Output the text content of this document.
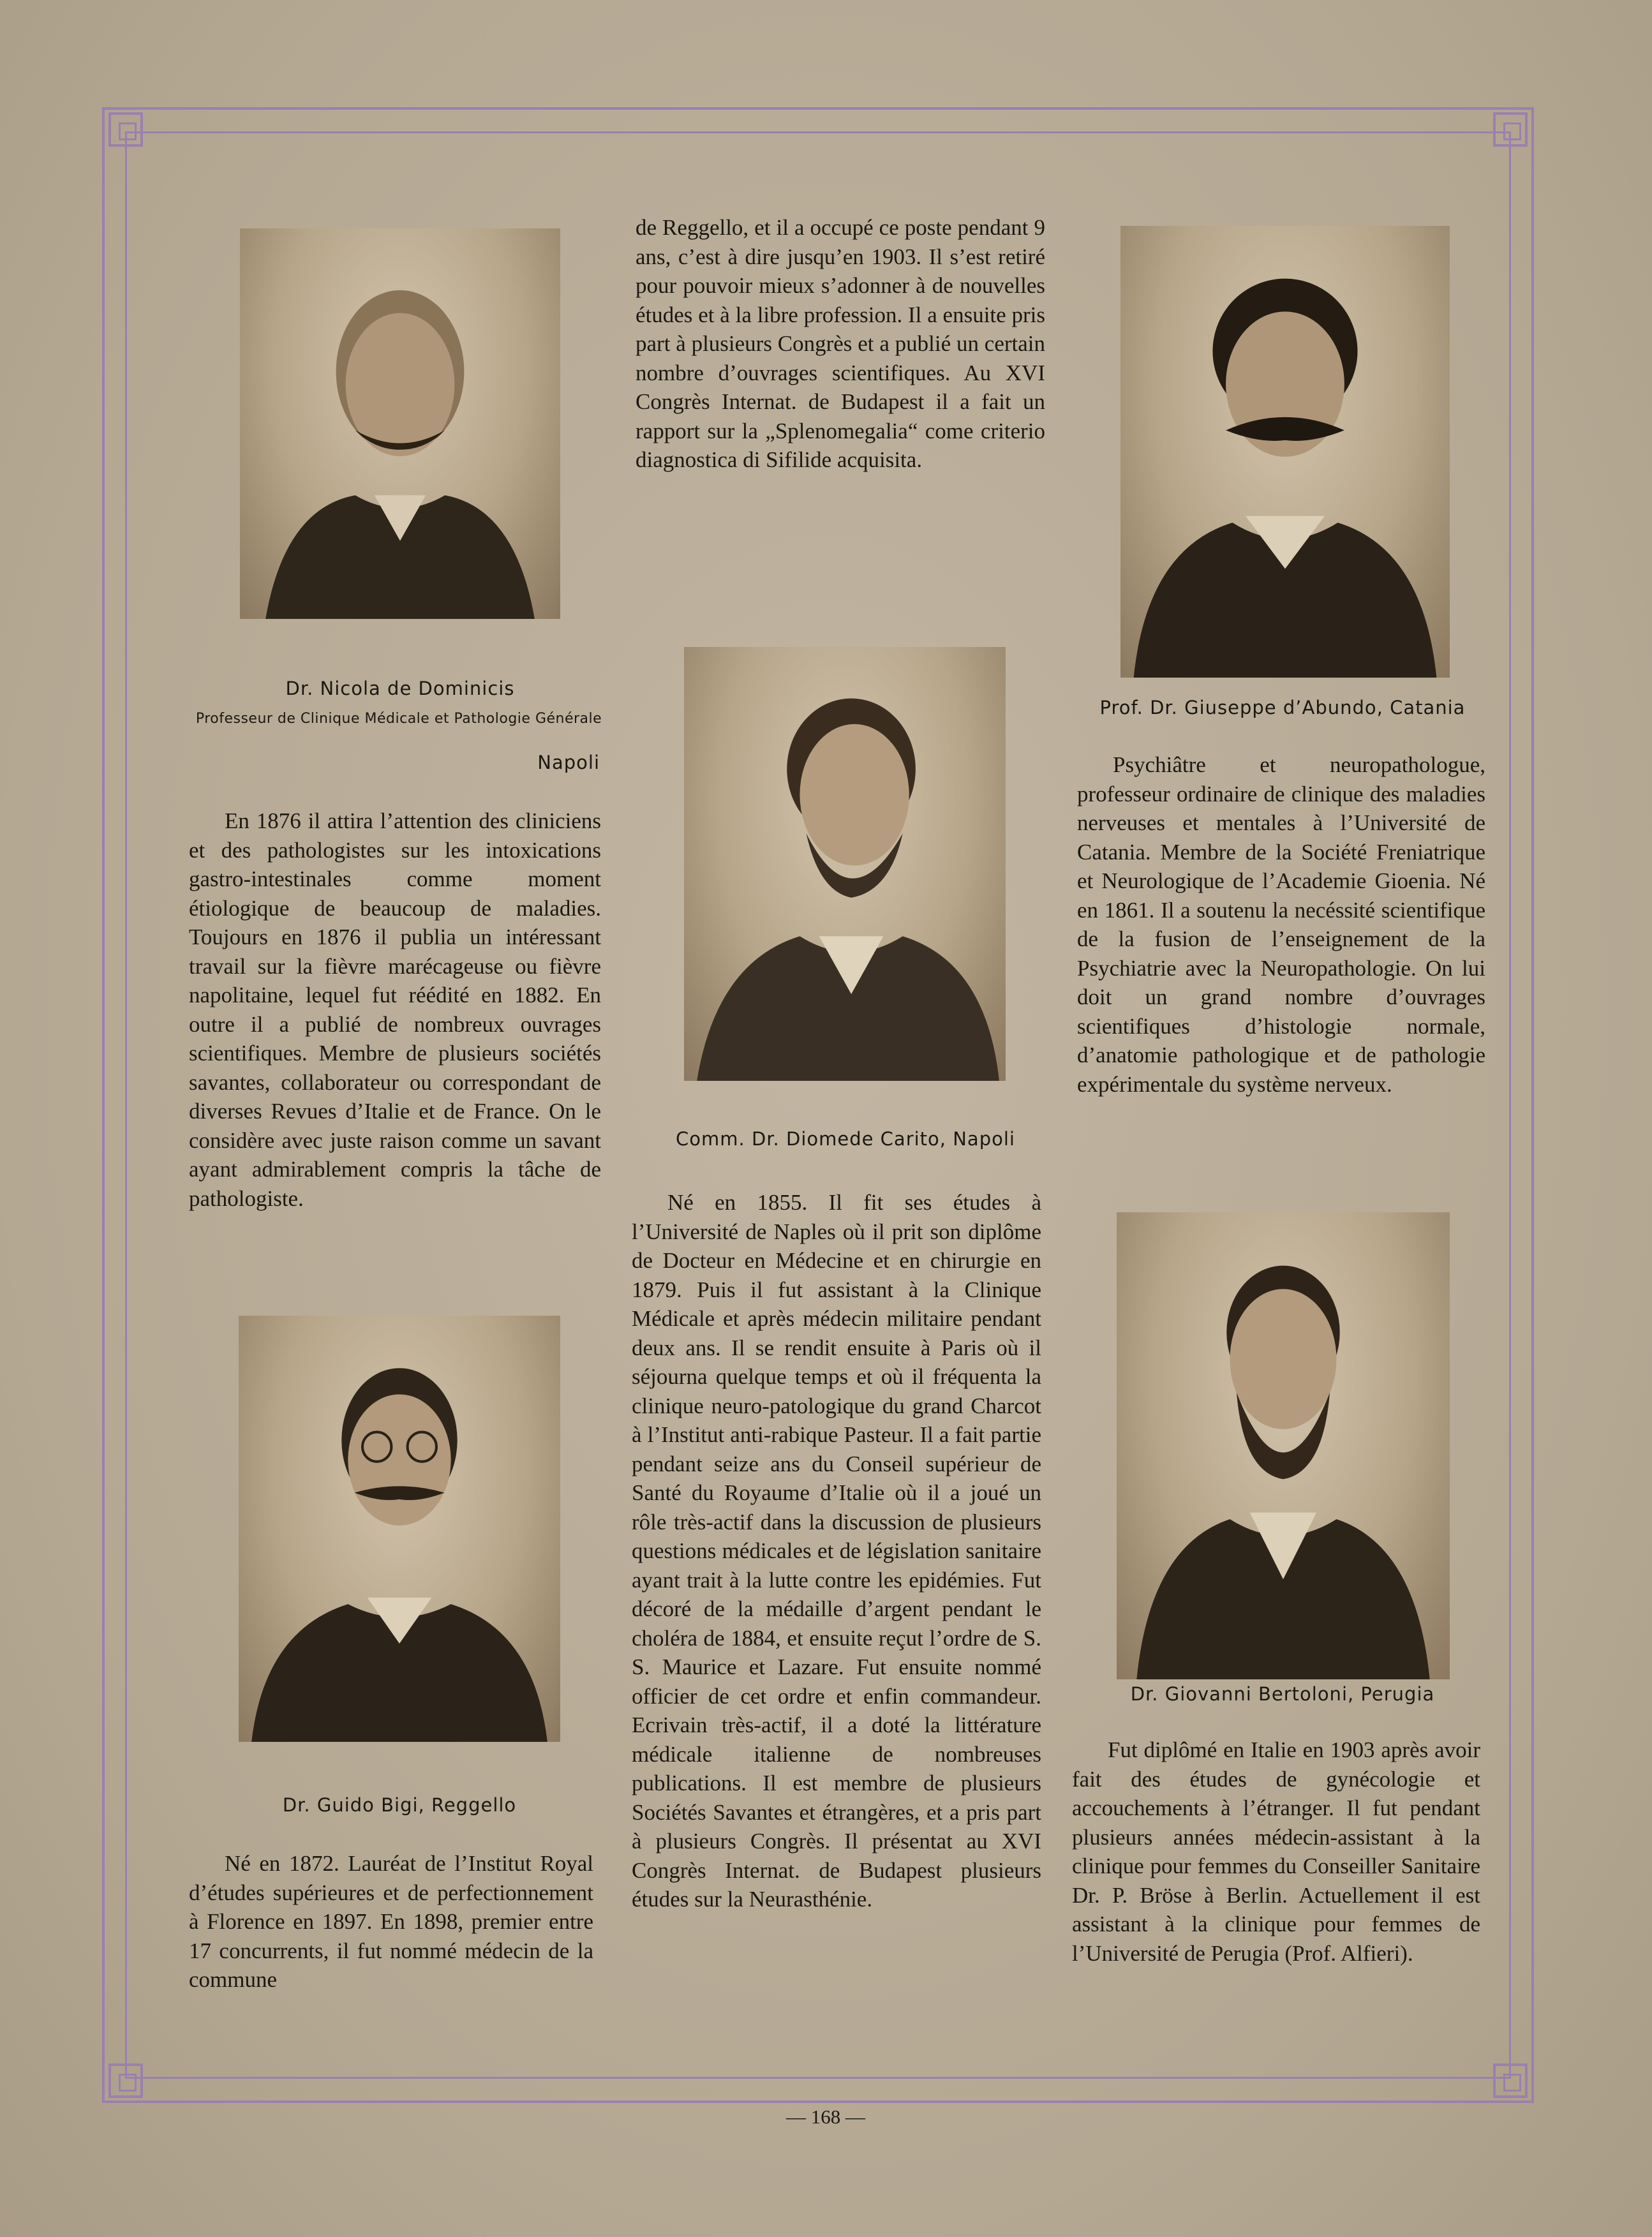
Dr. Nicola de Dominicis
Professeur de Clinique Médicale et Pathologie Générale
Napoli

En 1876 il attira l’attention des cliniciens et des pathologistes sur les intoxications gastro-intestinales comme moment étiologique de beaucoup de maladies. Toujours en 1876 il publia un intéressant travail sur la fièvre marécageuse ou fièvre napolitaine, lequel fut réédité en 1882. En outre il a publié de nombreux ouvrages scientifiques. Membre de plusieurs sociétés savantes, collaborateur ou correspondant de diverses Revues d’Italie et de France. On le considère avec juste raison comme un savant ayant admirablement compris la tâche de pathologiste.

Dr. Guido Bigi, Reggello

Né en 1872. Lauréat de l’Institut Royal d’études supérieures et de perfectionnement à Florence en 1897. En 1898, premier entre 17 concurrents, il fut nommé médecin de la commune

de Reggello, et il a occupé ce poste pendant 9 ans, c’est à dire jusqu’en 1903. Il s’est retiré pour pouvoir mieux s’adonner à de nouvelles études et à la libre profession. Il a ensuite pris part à plusieurs Congrès et a publié un certain nombre d’ouvrages scientifiques. Au XVI Congrès Internat. de Budapest il a fait un rapport sur la „Splenomegalia“ come criterio diagnostica di Sifilide acquisita.

Comm. Dr. Diomede Carito, Napoli

Né en 1855. Il fit ses études à l’Université de Naples où il prit son diplôme de Docteur en Médecine et en chirurgie en 1879. Puis il fut assistant à la Clinique Médicale et après médecin militaire pendant deux ans. Il se rendit ensuite à Paris où il séjourna quelque temps et où il fréquenta la clinique neuro-patologique du grand Charcot à l’Institut anti-rabique Pasteur. Il a fait partie pendant seize ans du Conseil supérieur de Santé du Royaume d’Italie où il a joué un rôle très-actif dans la discussion de plusieurs questions médicales et de législation sanitaire ayant trait à la lutte contre les epidémies. Fut décoré de la médaille d’argent pendant le choléra de 1884, et ensuite reçut l’ordre de S. S. Maurice et Lazare. Fut ensuite nommé officier de cet ordre et enfin commandeur. Ecrivain très-actif, il a doté la littérature médicale italienne de nombreuses publications. Il est membre de plusieurs Sociétés Savantes et étrangères, et a pris part à plusieurs Congrès. Il présentat au XVI Congrès Internat. de Budapest plusieurs études sur la Neurasthénie.

Prof. Dr. Giuseppe d’Abundo, Catania

Psychiâtre et neuropathologue, professeur ordinaire de clinique des maladies nerveuses et mentales à l’Université de Catania. Membre de la Société Freniatrique et Neurologique de l’Academie Gioenia. Né en 1861. Il a soutenu la necéssité scientifique de la fusion de l’enseignement de la Psychiatrie avec la Neuropathologie. On lui doit un grand nombre d’ouvrages scientifiques d’histologie normale, d’anatomie pathologique et de pathologie expérimentale du système nerveux.

Dr. Giovanni Bertoloni, Perugia

Fut diplômé en Italie en 1903 après avoir fait des études de gynécologie et accouchements à l’étranger. Il fut pendant plusieurs années médecin-assistant à la clinique pour femmes du Conseiller Sanitaire Dr. P. Bröse à Berlin. Actuellement il est assistant à la clinique pour femmes de l’Université de Perugia (Prof. Alfieri).

— 168 —
